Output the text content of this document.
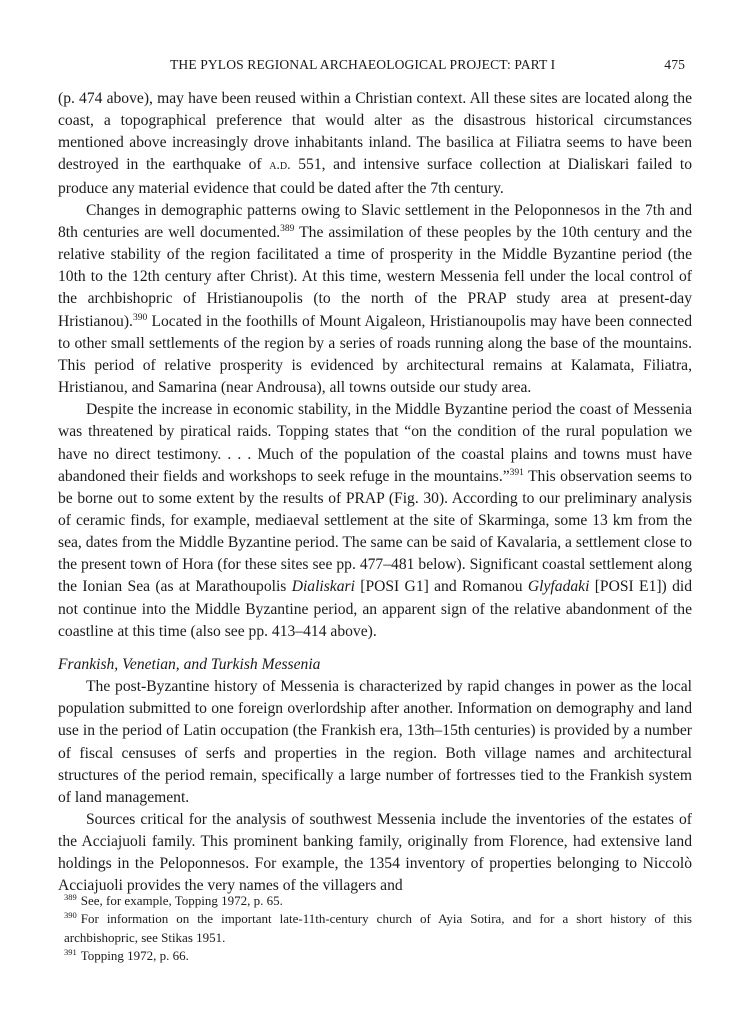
THE PYLOS REGIONAL ARCHAEOLOGICAL PROJECT: PART I	475

(p. 474 above), may have been reused within a Christian context. All these sites are located along the coast, a topographical preference that would alter as the disastrous historical circumstances mentioned above increasingly drove inhabitants inland. The basilica at Filiatra seems to have been destroyed in the earthquake of a.d. 551, and intensive surface collection at Dialiskari failed to produce any material evidence that could be dated after the 7th century.

Changes in demographic patterns owing to Slavic settlement in the Peloponnesos in the 7th and 8th centuries are well documented.$^{389}$ The assimilation of these peoples by the 10th century and the relative stability of the region facilitated a time of prosperity in the Middle Byzantine period (the 10th to the 12th century after Christ). At this time, western Messenia fell under the local control of the archbishopric of Hristianoupolis (to the north of the PRAP study area at present-day Hristianou).$^{390}$ Located in the foothills of Mount Aigaleon, Hristianoupolis may have been connected to other small settlements of the region by a series of roads running along the base of the mountains. This period of relative prosperity is evidenced by architectural remains at Kalamata, Filiatra, Hristianou, and Samarina (near Androusa), all towns outside our study area.

Despite the increase in economic stability, in the Middle Byzantine period the coast of Messenia was threatened by piratical raids. Topping states that “on the condition of the rural population we have no direct testimony. . . . Much of the population of the coastal plains and towns must have abandoned their fields and workshops to seek refuge in the mountains.”$^{391}$ This observation seems to be borne out to some extent by the results of PRAP (Fig. 30). According to our preliminary analysis of ceramic finds, for example, mediaeval settlement at the site of Skarminga, some 13 km from the sea, dates from the Middle Byzantine period. The same can be said of Kavalaria, a settlement close to the present town of Hora (for these sites see pp. 477–481 below). Significant coastal settlement along the Ionian Sea (as at Marathoupolis Dialiskari [POSI G1] and Romanou Glyfadaki [POSI E1]) did not continue into the Middle Byzantine period, an apparent sign of the relative abandonment of the coastline at this time (also see pp. 413–414 above).

Frankish, Venetian, and Turkish Messenia

The post-Byzantine history of Messenia is characterized by rapid changes in power as the local population submitted to one foreign overlordship after another. Information on demography and land use in the period of Latin occupation (the Frankish era, 13th–15th centuries) is provided by a number of fiscal censuses of serfs and properties in the region. Both village names and architectural structures of the period remain, specifically a large number of fortresses tied to the Frankish system of land management.

Sources critical for the analysis of southwest Messenia include the inventories of the estates of the Acciajuoli family. This prominent banking family, originally from Florence, had extensive land holdings in the Peloponnesos. For example, the 1354 inventory of properties belonging to Niccolò Acciajuoli provides the very names of the villagers and

$^{389}$ See, for example, Topping 1972, p. 65.

$^{390}$ For information on the important late-11th-century church of Ayia Sotira, and for a short history of this archbishopric, see Stikas 1951.

$^{391}$ Topping 1972, p. 66.
